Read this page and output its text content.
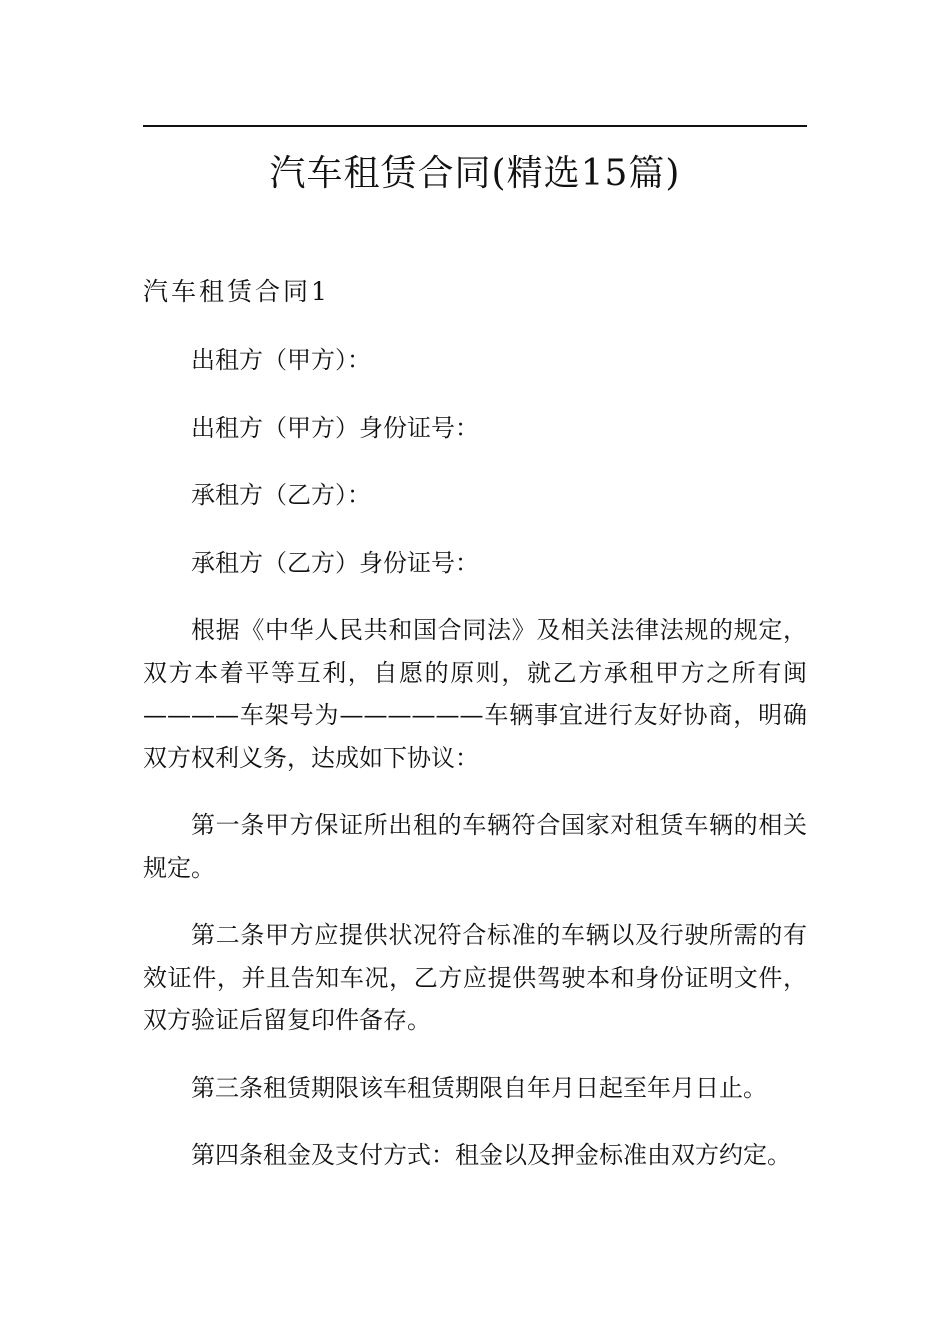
汽车租赁合同(精选15篇)
汽车租赁合同1

出租方（甲方）：

出租方（甲方）身份证号：

承租方（乙方）：

承租方（乙方）身份证号：

根据《中华人民共和国合同法》及相关法律法规的规定，双方本着平等互利，自愿的原则，就乙方承租甲方之所有闽————车架号为——————车辆事宜进行友好协商，明确双方权利义务，达成如下协议：

第一条甲方保证所出租的车辆符合国家对租赁车辆的相关规定。

第二条甲方应提供状况符合标准的车辆以及行驶所需的有效证件，并且告知车况，乙方应提供驾驶本和身份证明文件，双方验证后留复印件备存。

第三条租赁期限该车租赁期限自年月日起至年月日止。

第四条租金及支付方式：租金以及押金标准由双方约定。
